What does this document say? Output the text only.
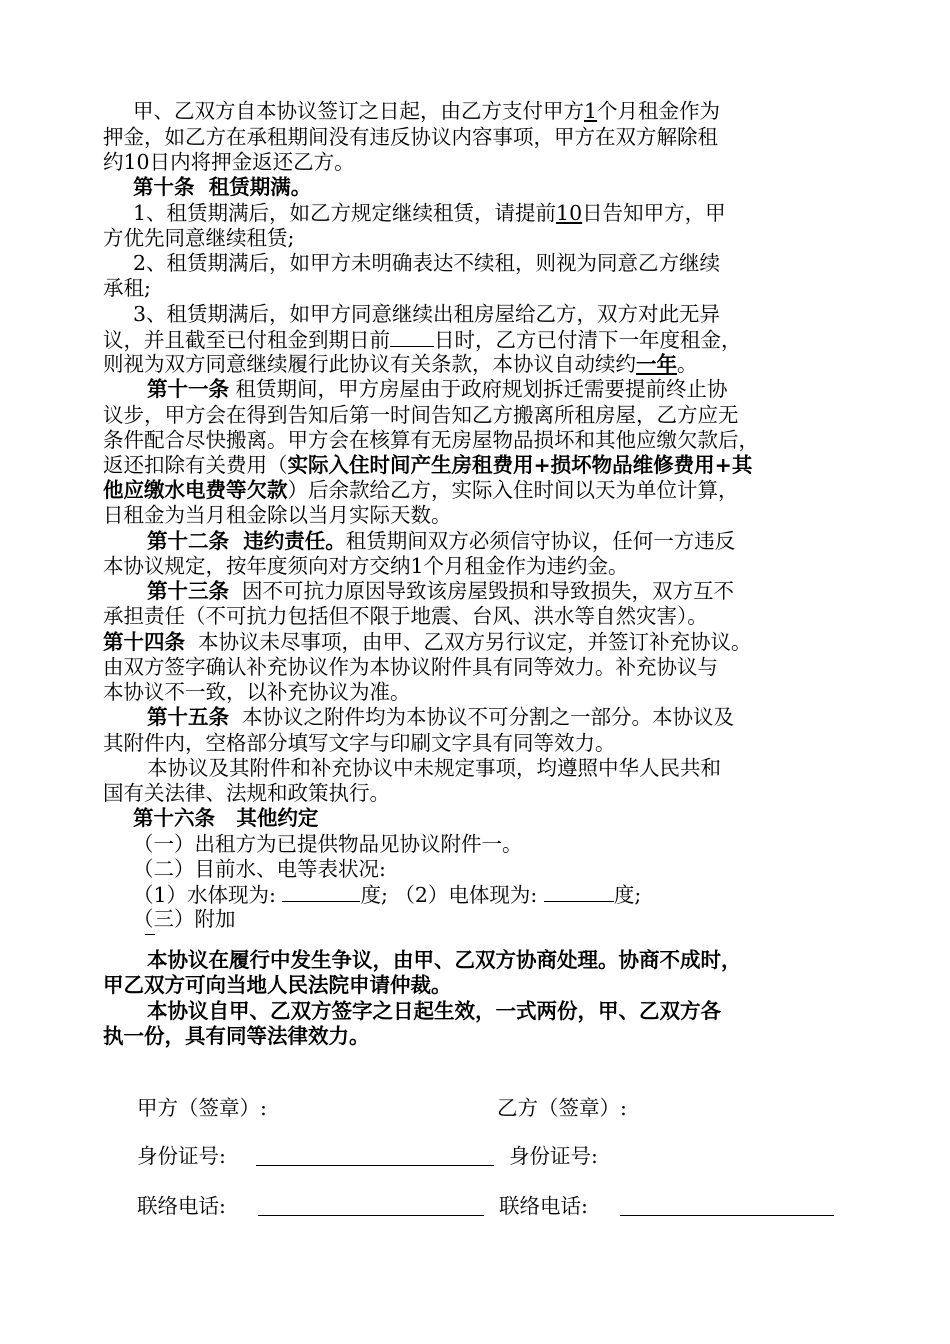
甲、乙双方自本协议签订之日起，由乙方支付甲方1个月租金作为
押金，如乙方在承租期间没有违反协议内容事项，甲方在双方解除租
约10日内将押金返还乙方。
第十条  租赁期满。
1、租赁期满后，如乙方规定继续租赁，请提前10日告知甲方，甲
方优先同意继续租赁;
2、租赁期满后，如甲方未明确表达不续租，则视为同意乙方继续
承租;
3、租赁期满后，如甲方同意继续出租房屋给乙方，双方对此无异
议，并且截至已付租金到期日前 日时，乙方已付清下一年度租金，
则视为双方同意继续履行此协议有关条款，本协议自动续约一年。
第十一条 租赁期间，甲方房屋由于政府规划拆迁需要提前终止协
议步，甲方会在得到告知后第一时间告知乙方搬离所租房屋，乙方应无
条件配合尽快搬离。甲方会在核算有无房屋物品损坏和其他应缴欠款后，
返还扣除有关费用（实际入住时间产生房租费用+损坏物品维修费用+其
他应缴水电费等欠款）后余款给乙方，实际入住时间以天为单位计算，
日租金为当月租金除以当月实际天数。
第十二条  违约责任。租赁期间双方必须信守协议，任何一方违反
本协议规定，按年度须向对方交纳1个月租金作为违约金。
第十三条  因不可抗力原因导致该房屋毁损和导致损失，双方互不
承担责任（不可抗力包括但不限于地震、台风、洪水等自然灾害）。
第十四条  本协议未尽事项，由甲、乙双方另行议定，并签订补充协议。
由双方签字确认补充协议作为本协议附件具有同等效力。补充协议与
本协议不一致，以补充协议为准。
第十五条  本协议之附件均为本协议不可分割之一部分。本协议及
其附件内，空格部分填写文字与印刷文字具有同等效力。
本协议及其附件和补充协议中未规定事项，均遵照中华人民共和
国有关法律、法规和政策执行。
第十六条   其他约定
（一）出租方为已提供物品见协议附件一。
（二）目前水、电等表状况:
（1）水体现为:	度; （2）电体现为:	度;
（三）附加
本协议在履行中发生争议，由甲、乙双方协商处理。协商不成时，
甲乙双方可向当地人民法院申请仲裁。
本协议自甲、乙双方签字之日起生效，一式两份，甲、乙双方各
执一份，具有同等法律效力。
甲方（签章）:	乙方（签章）:
身份证号:	身份证号:
联络电话:	联络电话:
